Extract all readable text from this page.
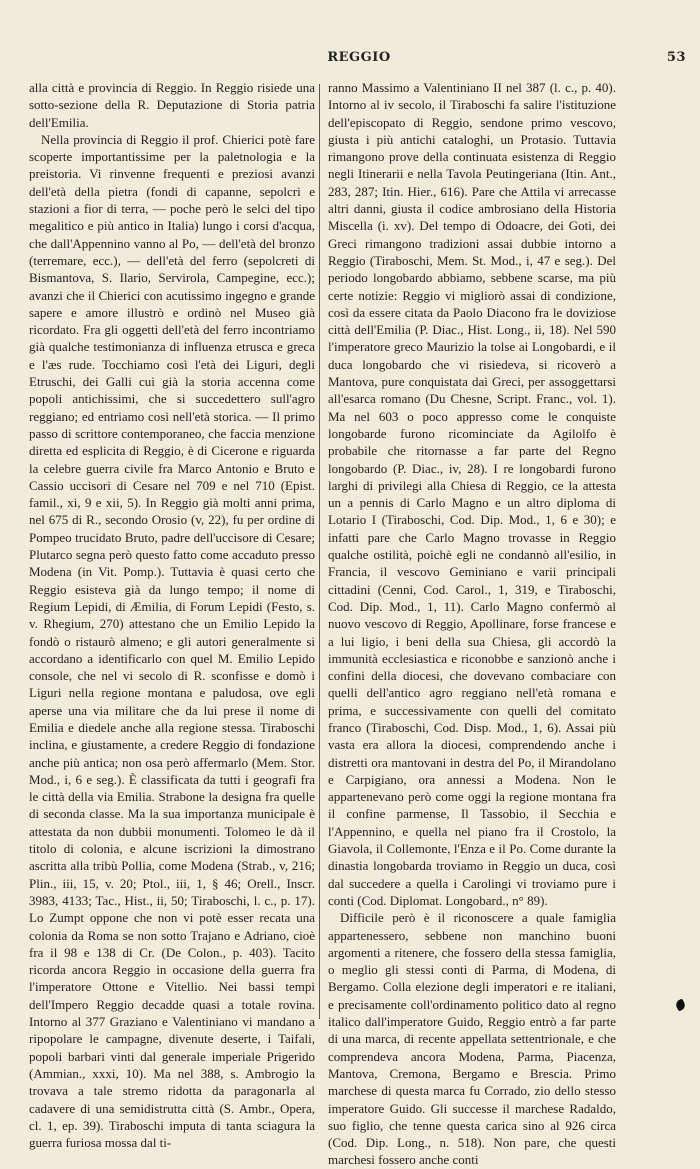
REGGIO	53

alla città e provincia di Reggio. In Reggio risiede una sotto-sezione della R. Deputazione di Storia patria dell'Emilia.

Nella provincia di Reggio il prof. Chierici potè fare scoperte importantissime per la paletnologia e la preistoria. Vi rinvenne frequenti e preziosi avanzi dell'età della pietra (fondi di capanne, sepolcri e stazioni a fior di terra, — poche però le selci del tipo megalitico e più antico in Italia) lungo i corsi d'acqua, che dall'Appennino vanno al Po, — dell'età del bronzo (terremare, ecc.), — dell'età del ferro (sepolcreti di Bismantova, S. Ilario, Servirola, Campegine, ecc.); avanzi che il Chierici con acutissimo ingegno e grande sapere e amore illustrò e ordinò nel Museo già ricordato. Fra gli oggetti dell'età del ferro incontriamo già qualche testimonianza di influenza etrusca e greca e l'æs rude. Tocchiamo così l'età dei Liguri, degli Etruschi, dei Galli cui già la storia accenna come popoli antichissimi, che si succedettero sull'agro reggiano; ed entriamo così nell'età storica. — Il primo passo di scrittore contemporaneo, che faccia menzione diretta ed esplicita di Reggio, è di Cicerone e riguarda la celebre guerra civile fra Marco Antonio e Bruto e Cassio uccisori di Cesare nel 709 e nel 710 (Epist. famil., xi, 9 e xii, 5). In Reggio già molti anni prima, nel 675 di R., secondo Orosio (v, 22), fu per ordine di Pompeo trucidato Bruto, padre dell'uccisore di Cesare; Plutarco segna però questo fatto come accaduto presso Modena (in Vit. Pomp.). Tuttavia è quasi certo che Reggio esisteva già da lungo tempo; il nome di Regium Lepidi, di Æmilia, di Forum Lepidi (Festo, s. v. Rhegium, 270) attestano che un Emilio Lepido la fondò o ristaurò almeno; e gli autori generalmente si accordano a identificarlo con quel M. Emilio Lepido console, che nel vi secolo di R. sconfisse e domò i Liguri nella regione montana e paludosa, ove egli aperse una via militare che da lui prese il nome di Emilia e diedele anche alla regione stessa. Tiraboschi inclina, e giustamente, a credere Reggio di fondazione anche più antica; non osa però affermarlo (Mem. Stor. Mod., i, 6 e seg.). È classificata da tutti i geografi fra le città della via Emilia. Strabone la designa fra quelle di seconda classe. Ma la sua importanza municipale è attestata da non dubbii monumenti. Tolomeo le dà il titolo di colonia, e alcune iscrizioni la dimostrano ascritta alla tribù Pollia, come Modena (Strab., v, 216; Plin., iii, 15, v. 20; Ptol., iii, 1, § 46; Orell., Inscr. 3983, 4133; Tac., Hist., ii, 50; Tiraboschi, l. c., p. 17). Lo Zumpt oppone che non vi potè esser recata una colonia da Roma se non sotto Trajano e Adriano, cioè fra il 98 e 138 di Cr. (De Colon., p. 403). Tacito ricorda ancora Reggio in occasione della guerra fra l'imperatore Ottone e Vitellio. Nei bassi tempi dell'Impero Reggio decadde quasi a totale rovina. Intorno al 377 Graziano e Valentiniano vi mandano a ripopolare le campagne, divenute deserte, i Taifali, popoli barbari vinti dal generale imperiale Prigerido (Ammian., xxxi, 10). Ma nel 388, s. Ambrogio la trovava a tale stremo ridotta da paragonarla al cadavere di una semidistrutta città (S. Ambr., Opera, cl. 1, ep. 39). Tiraboschi imputa di tanta sciagura la guerra furiosa mossa dal ti-

ranno Massimo a Valentiniano II nel 387 (l. c., p. 40). Intorno al iv secolo, il Tiraboschi fa salire l'istituzione dell'episcopato di Reggio, sendone primo vescovo, giusta i più antichi cataloghi, un Protasio. Tuttavia rimangono prove della continuata esistenza di Reggio negli Itinerarii e nella Tavola Peutingeriana (Itin. Ant., 283, 287; Itin. Hier., 616). Pare che Attila vi arrecasse altri danni, giusta il codice ambrosiano della Historia Miscella (i. xv). Del tempo di Odoacre, dei Goti, dei Greci rimangono tradizioni assai dubbie intorno a Reggio (Tiraboschi, Mem. St. Mod., i, 47 e seg.). Del periodo longobardo abbiamo, sebbene scarse, ma più certe notizie: Reggio vi migliorò assai di condizione, così da essere citata da Paolo Diacono fra le doviziose città dell'Emilia (P. Diac., Hist. Long., ii, 18). Nel 590 l'imperatore greco Maurizio la tolse ai Longobardi, e il duca longobardo che vi risiedeva, si ricoverò a Mantova, pure conquistata dai Greci, per assoggettarsi all'esarca romano (Du Chesne, Script. Franc., vol. 1). Ma nel 603 o poco appresso come le conquiste longobarde furono ricominciate da Agilolfo è probabile che ritornasse a far parte del Regno longobardo (P. Diac., iv, 28). I re longobardi furono larghi di privilegi alla Chiesa di Reggio, ce la attesta un a pennis di Carlo Magno e un altro diploma di Lotario I (Tiraboschi, Cod. Dip. Mod., 1, 6 e 30); e infatti pare che Carlo Magno trovasse in Reggio qualche ostilità, poichè egli ne condannò all'esilio, in Francia, il vescovo Geminiano e varii principali cittadini (Cenni, Cod. Carol., 1, 319, e Tiraboschi, Cod. Dip. Mod., 1, 11). Carlo Magno confermò al nuovo vescovo di Reggio, Apollinare, forse francese e a lui ligio, i beni della sua Chiesa, gli accordò la immunità ecclesiastica e riconobbe e sanzionò anche i confini della diocesi, che dovevano combaciare con quelli dell'antico agro reggiano nell'età romana e prima, e successivamente con quelli del comitato franco (Tiraboschi, Cod. Disp. Mod., 1, 6). Assai più vasta era allora la diocesi, comprendendo anche i distretti ora mantovani in destra del Po, il Mirandolano e Carpigiano, ora annessi a Modena. Non le appartenevano però come oggi la regione montana fra il confine parmense, Il Tassobio, il Secchia e l'Appennino, e quella nel piano fra il Crostolo, la Giavola, il Collemonte, l'Enza e il Po. Come durante la dinastia longobarda troviamo in Reggio un duca, così dal succedere a quella i Carolingi vi troviamo pure i conti (Cod. Diplomat. Longobard., n° 89).

Difficile però è il riconoscere a quale famiglia appartenessero, sebbene non manchino buoni argomenti a ritenere, che fossero della stessa famiglia, o meglio gli stessi conti di Parma, di Modena, di Bergamo. Colla elezione degli imperatori e re italiani, e precisamente coll'ordinamento politico dato al regno italico dall'imperatore Guido, Reggio entrò a far parte di una marca, di recente appellata settentrionale, e che comprendeva ancora Modena, Parma, Piacenza, Mantova, Cremona, Bergamo e Brescia. Primo marchese di questa marca fu Corrado, zio dello stesso imperatore Guido. Gli successe il marchese Radaldo, suo figlio, che tenne questa carica sino al 926 circa (Cod. Dip. Long., n. 518). Non pare, che questi marchesi fossero anche conti
